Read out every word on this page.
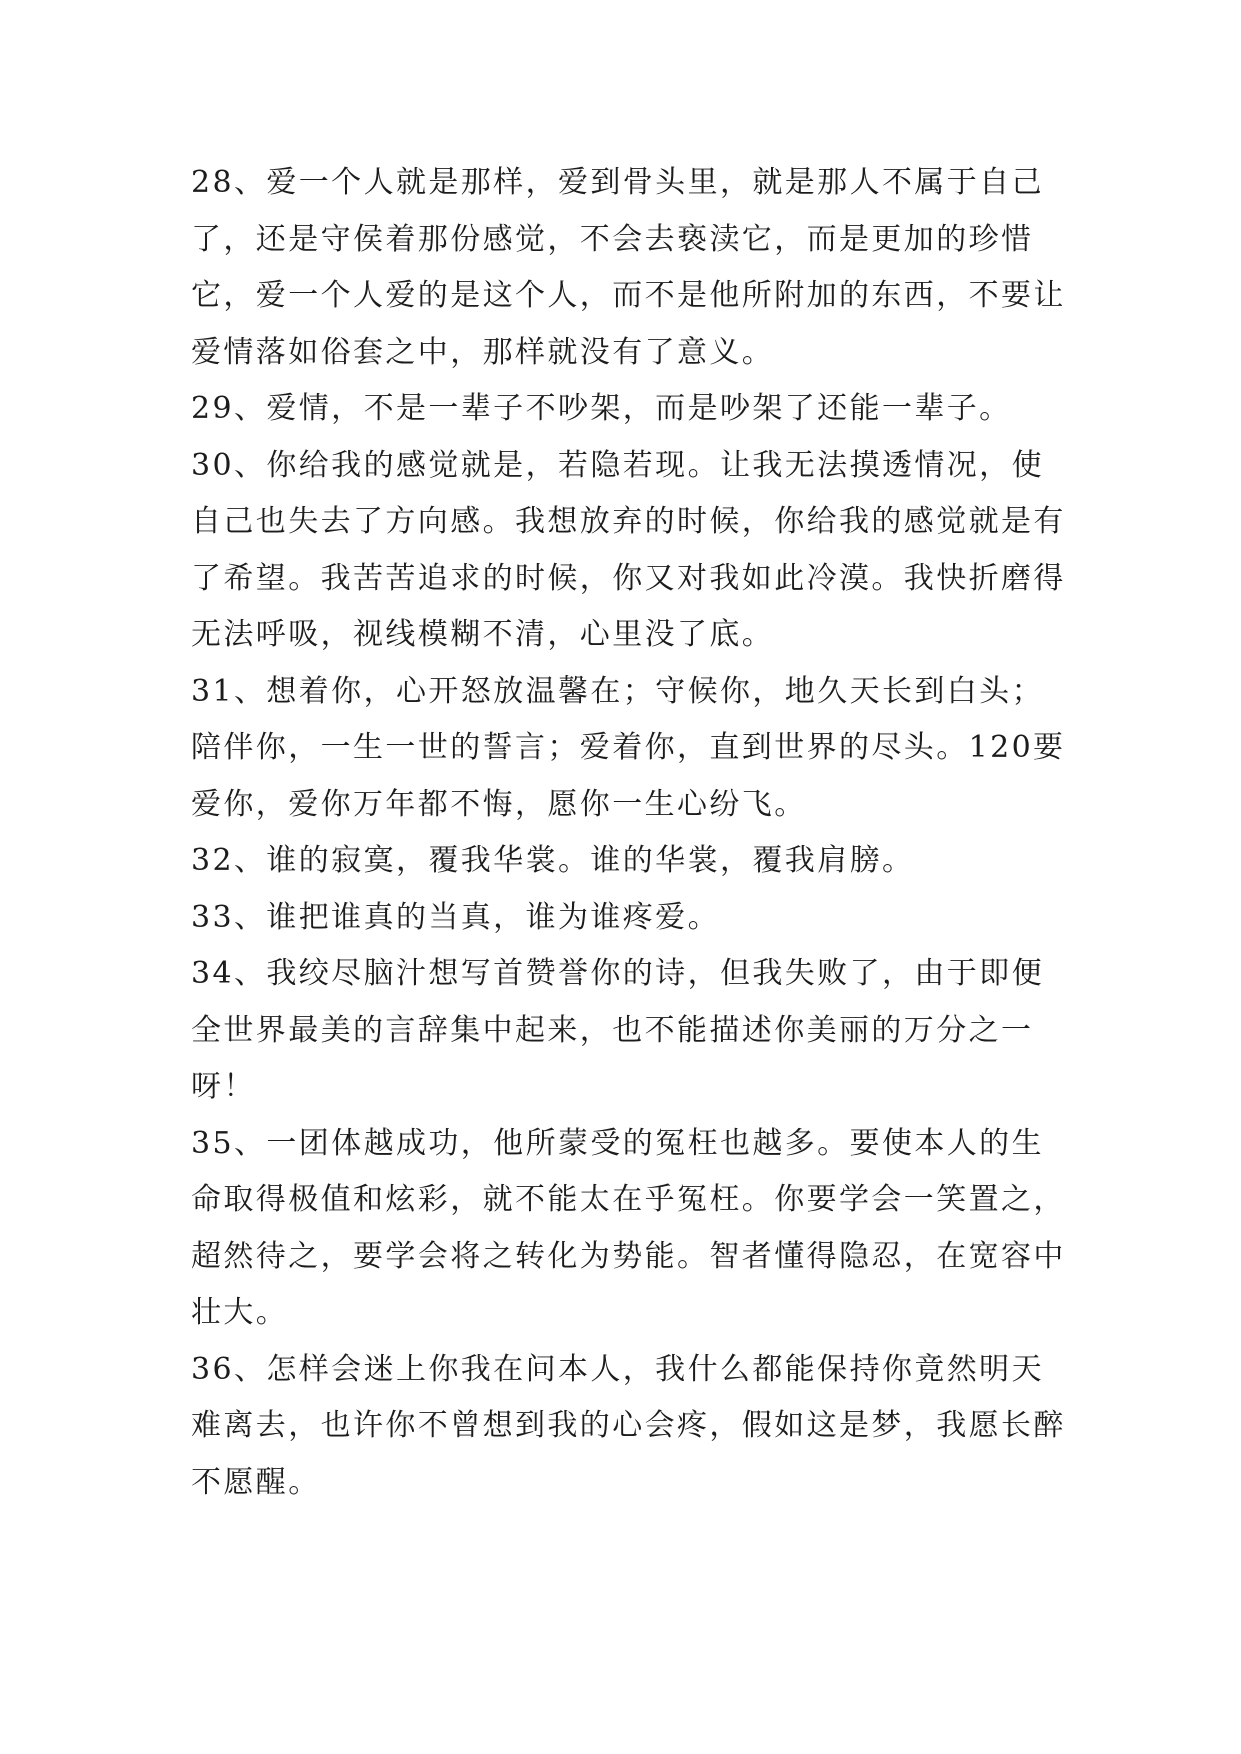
28、爱一个人就是那样，爱到骨头里，就是那人不属于自己了，还是守侯着那份感觉，不会去亵渎它，而是更加的珍惜它，爱一个人爱的是这个人，而不是他所附加的东西，不要让爱情落如俗套之中，那样就没有了意义。

29、爱情，不是一辈子不吵架，而是吵架了还能一辈子。

30、你给我的感觉就是，若隐若现。让我无法摸透情况，使自己也失去了方向感。我想放弃的时候，你给我的感觉就是有了希望。我苦苦追求的时候，你又对我如此冷漠。我快折磨得无法呼吸，视线模糊不清，心里没了底。

31、想着你，心开怒放温馨在；守候你，地久天长到白头；陪伴你，一生一世的誓言；爱着你，直到世界的尽头。120要爱你，爱你万年都不悔，愿你一生心纷飞。

32、谁的寂寞，覆我华裳。谁的华裳，覆我肩膀。

33、谁把谁真的当真，谁为谁疼爱。

34、我绞尽脑汁想写首赞誉你的诗，但我失败了，由于即便全世界最美的言辞集中起来，也不能描述你美丽的万分之一呀！

35、一团体越成功，他所蒙受的冤枉也越多。要使本人的生命取得极值和炫彩，就不能太在乎冤枉。你要学会一笑置之，超然待之，要学会将之转化为势能。智者懂得隐忍，在宽容中壮大。

36、怎样会迷上你我在问本人，我什么都能保持你竟然明天难离去，也许你不曾想到我的心会疼，假如这是梦，我愿长醉不愿醒。
